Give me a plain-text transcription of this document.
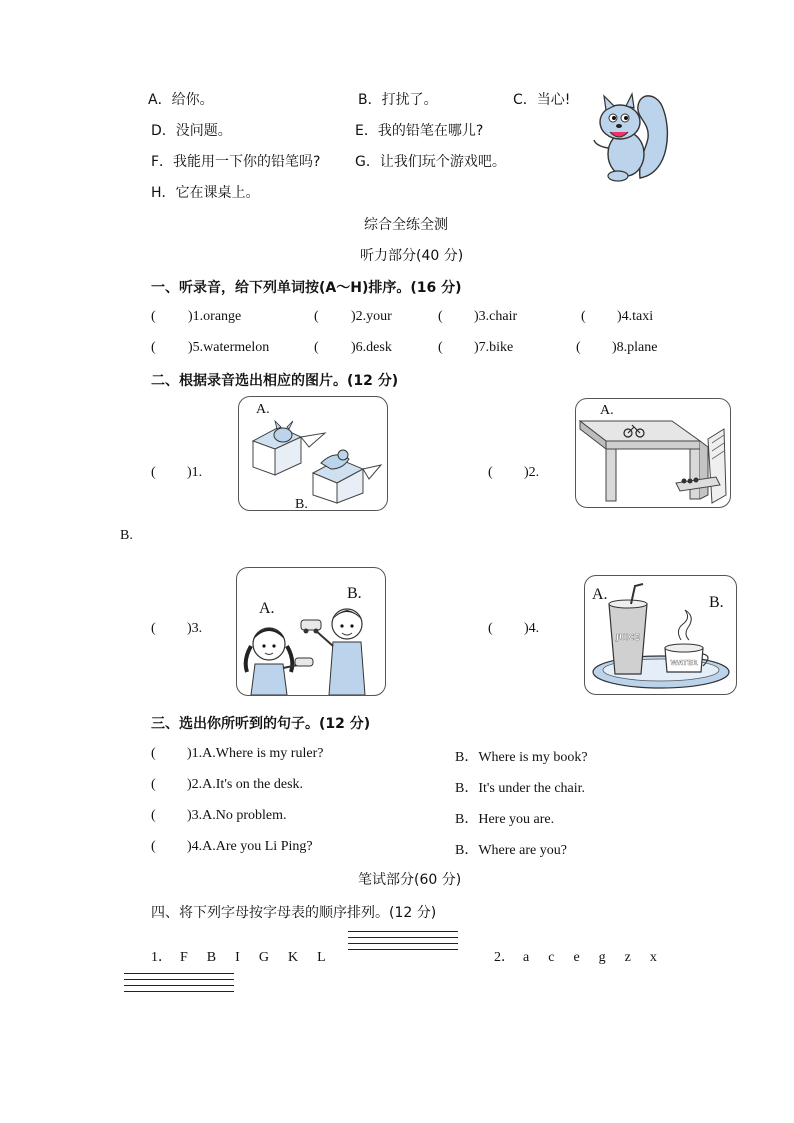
A．给你。	B．打扰了。	C．当心!
D．没问题。	E．我的铅笔在哪儿?
F．我能用一下你的铅笔吗? G．让我们玩个游戏吧。
H．它在课桌上。
综合全练全测
听力部分(40 分)
一、听录音，给下列单词按(A～H)排序。(16 分)
( )1.orange	( )2.your	( )3.chair	( )4.taxi
( )5.watermelon	( )6.desk	( )7.bike	( )8.plane
二、根据录音选出相应的图片。(12 分)
( )1.
A.
B.
( )2.
A.
B.
( )3.
A.
B.
( )4.
JUICE
WATER
A.	B.
三、选出你所听到的句子。(12 分)
( )1.A.Where is my ruler?	B．Where is my book?
( )2.A.It's on the desk.	B．It's under the chair.
( )3.A.No problem.	B．Here you are.
( )4.A.Are you Li Ping?	B．Where are you?
笔试部分(60 分)
四、将下列字母按字母表的顺序排列。(12 分)
1． F B I G K L	2． a c e g z x
